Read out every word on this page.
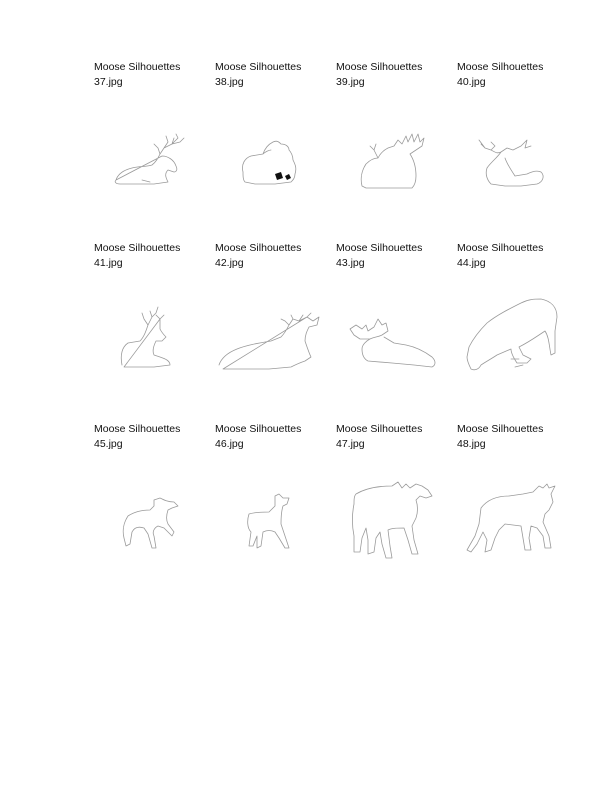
Moose Silhouettes
37.jpg
Moose Silhouettes
38.jpg
Moose Silhouettes
39.jpg
Moose Silhouettes
40.jpg
Moose Silhouettes
41.jpg
Moose Silhouettes
42.jpg
Moose Silhouettes
43.jpg
Moose Silhouettes
44.jpg
Moose Silhouettes
45.jpg
Moose Silhouettes
46.jpg
Moose Silhouettes
47.jpg
Moose Silhouettes
48.jpg
